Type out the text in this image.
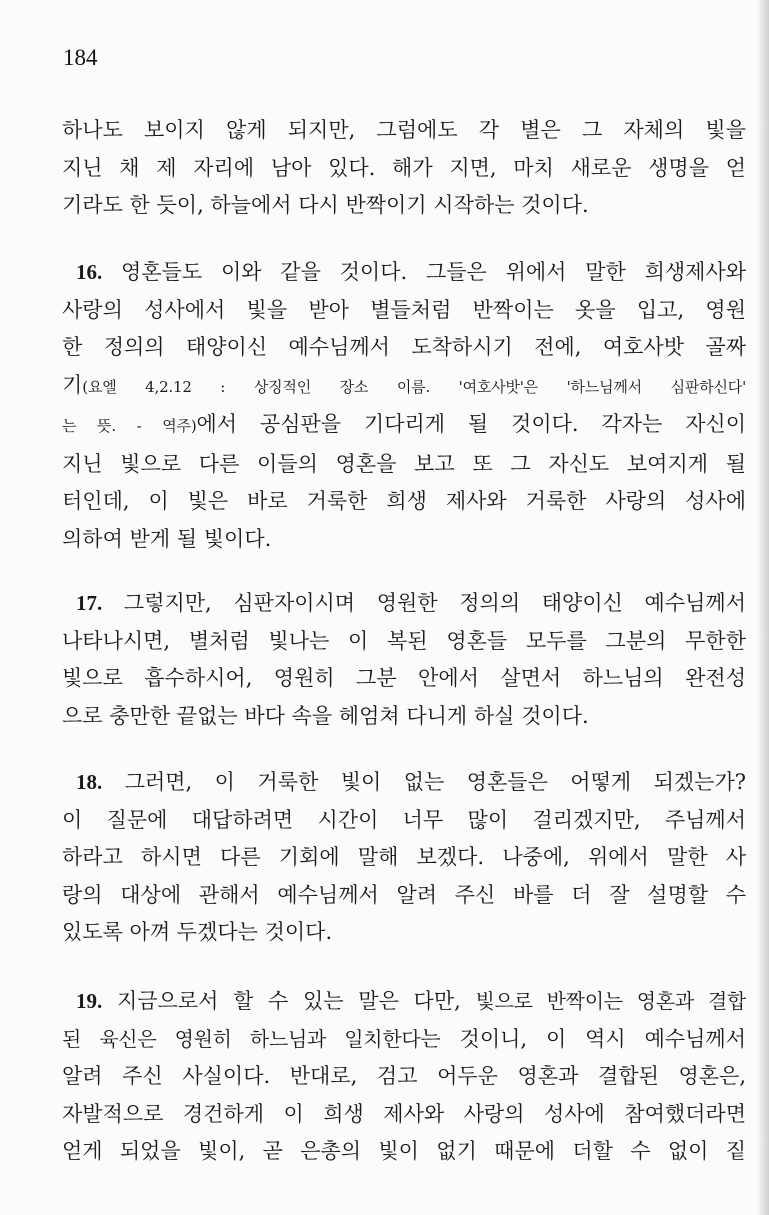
184
하나도 보이지 않게 되지만, 그럼에도 각 별은 그 자체의 빛을
지닌 채 제 자리에 남아 있다. 해가 지면, 마치 새로운 생명을 얻
기라도 한 듯이, 하늘에서 다시 반짝이기 시작하는 것이다.
16. 영혼들도 이와 같을 것이다. 그들은 위에서 말한 희생제사와
사랑의 성사에서 빛을 받아 별들처럼 반짝이는 옷을 입고, 영원
한 정의의 태양이신 예수님께서 도착하시기 전에, 여호사밧 골짜
기(요엘 4,2.12 : 상징적인 장소 이름. '여호사밧'은 '하느님께서 심판하신다'
는 뜻. - 역주)에서 공심판을 기다리게 될 것이다. 각자는 자신이
지닌 빛으로 다른 이들의 영혼을 보고 또 그 자신도 보여지게 될
터인데, 이 빛은 바로 거룩한 희생 제사와 거룩한 사랑의 성사에
의하여 받게 될 빛이다.
17. 그렇지만, 심판자이시며 영원한 정의의 태양이신 예수님께서
나타나시면, 별처럼 빛나는 이 복된 영혼들 모두를 그분의 무한한
빛으로 흡수하시어, 영원히 그분 안에서 살면서 하느님의 완전성
으로 충만한 끝없는 바다 속을 헤엄쳐 다니게 하실 것이다.
18. 그러면, 이 거룩한 빛이 없는 영혼들은 어떻게 되겠는가?
이 질문에 대답하려면 시간이 너무 많이 걸리겠지만, 주님께서
하라고 하시면 다른 기회에 말해 보겠다. 나중에, 위에서 말한 사
랑의 대상에 관해서 예수님께서 알려 주신 바를 더 잘 설명할 수
있도록 아껴 두겠다는 것이다.
19. 지금으로서 할 수 있는 말은 다만, 빛으로 반짝이는 영혼과 결합
된 육신은 영원히 하느님과 일치한다는 것이니, 이 역시 예수님께서
알려 주신 사실이다. 반대로, 검고 어두운 영혼과 결합된 영혼은,
자발적으로 경건하게 이 희생 제사와 사랑의 성사에 참여했더라면
얻게 되었을 빛이, 곧 은총의 빛이 없기 때문에 더할 수 없이 짙
